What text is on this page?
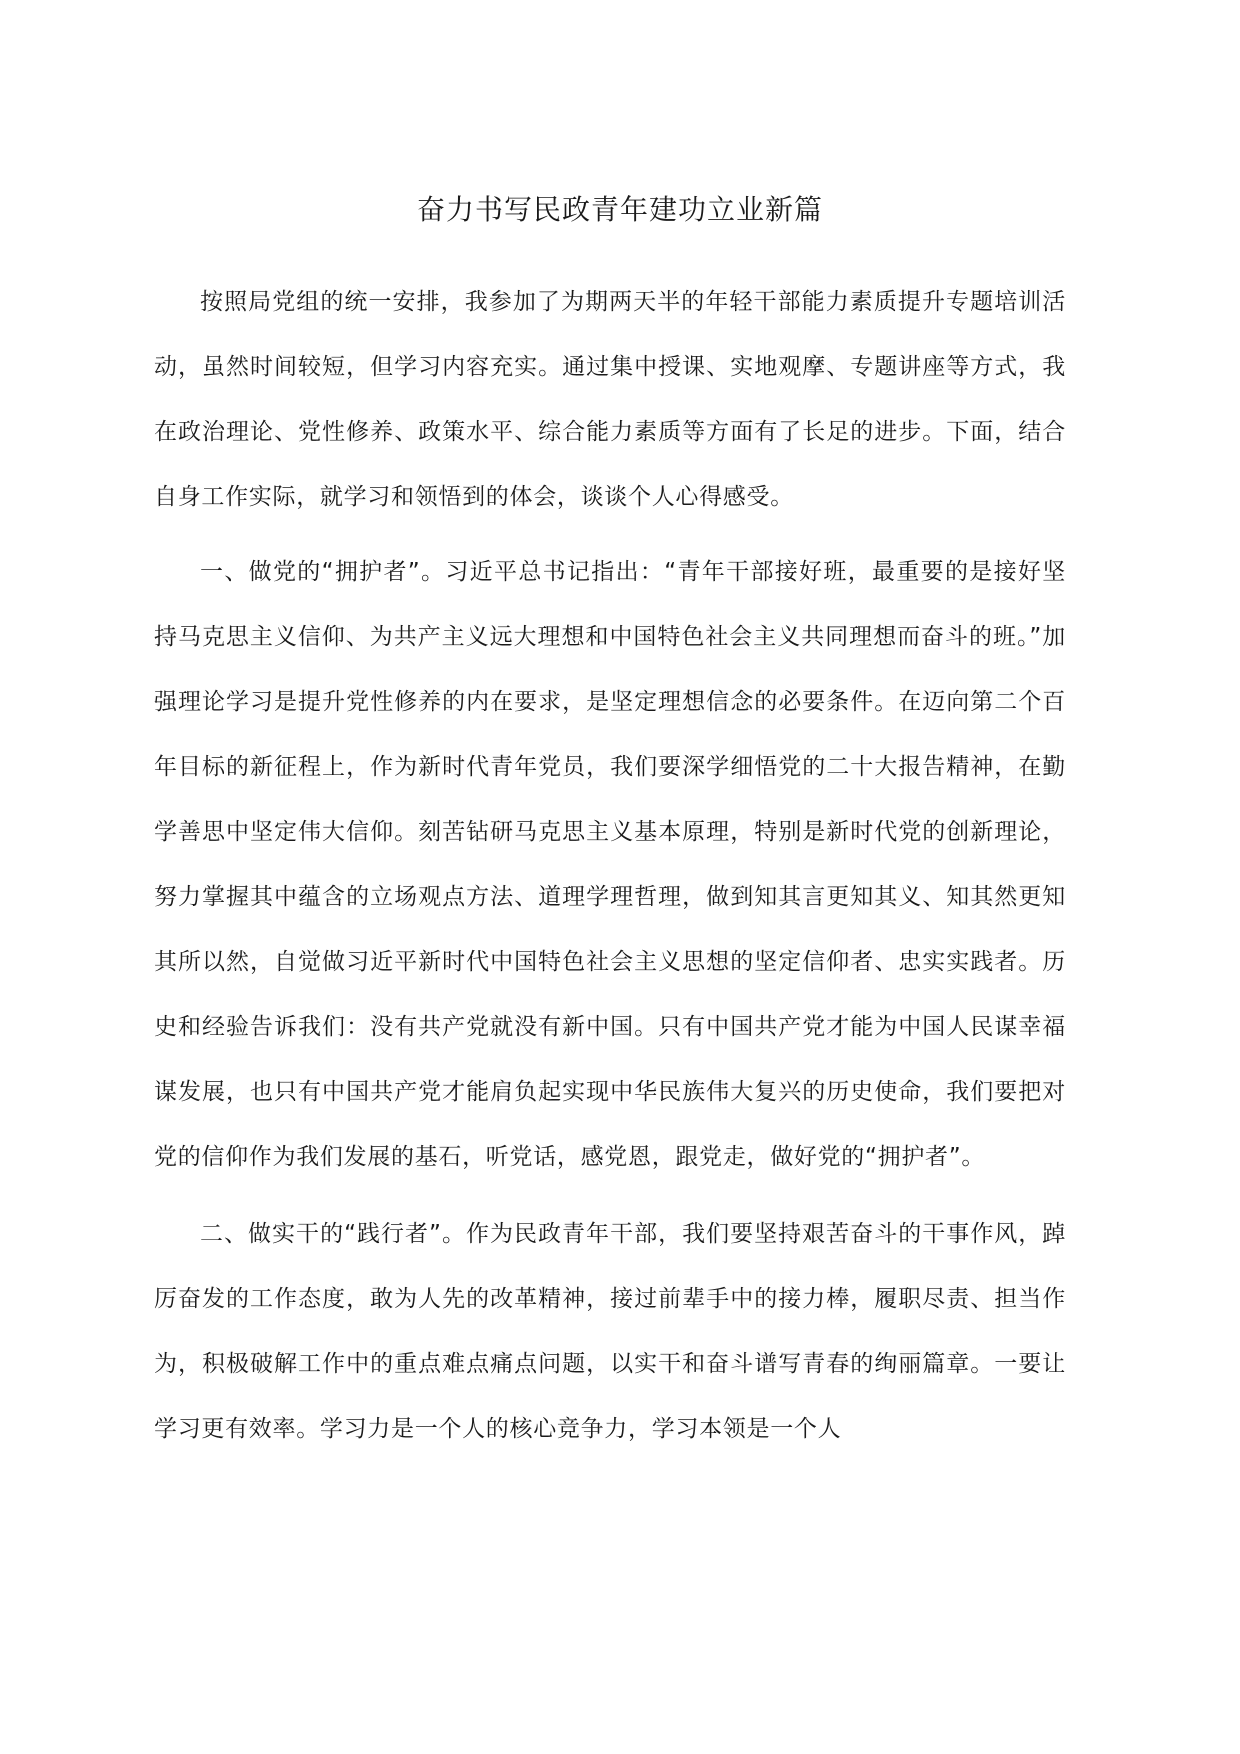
奋力书写民政青年建功立业新篇

按照局党组的统一安排，我参加了为期两天半的年轻干部能力素质提升专题培训活动，虽然时间较短，但学习内容充实。通过集中授课、实地观摩、专题讲座等方式，我在政治理论、党性修养、政策水平、综合能力素质等方面有了长足的进步。下面，结合自身工作实际，就学习和领悟到的体会，谈谈个人心得感受。

一、做党的“拥护者”。习近平总书记指出：“青年干部接好班，最重要的是接好坚持马克思主义信仰、为共产主义远大理想和中国特色社会主义共同理想而奋斗的班。”加强理论学习是提升党性修养的内在要求，是坚定理想信念的必要条件。在迈向第二个百年目标的新征程上，作为新时代青年党员，我们要深学细悟党的二十大报告精神，在勤学善思中坚定伟大信仰。刻苦钻研马克思主义基本原理，特别是新时代党的创新理论，努力掌握其中蕴含的立场观点方法、道理学理哲理，做到知其言更知其义、知其然更知其所以然，自觉做习近平新时代中国特色社会主义思想的坚定信仰者、忠实实践者。历史和经验告诉我们：没有共产党就没有新中国。只有中国共产党才能为中国人民谋幸福谋发展，也只有中国共产党才能肩负起实现中华民族伟大复兴的历史使命，我们要把对党的信仰作为我们发展的基石，听党话，感党恩，跟党走，做好党的“拥护者”。

二、做实干的“践行者”。作为民政青年干部，我们要坚持艰苦奋斗的干事作风，踔厉奋发的工作态度，敢为人先的改革精神，接过前辈手中的接力棒，履职尽责、担当作为，积极破解工作中的重点难点痛点问题，以实干和奋斗谱写青春的绚丽篇章。一要让学习更有效率。学习力是一个人的核心竞争力，学习本领是一个人
